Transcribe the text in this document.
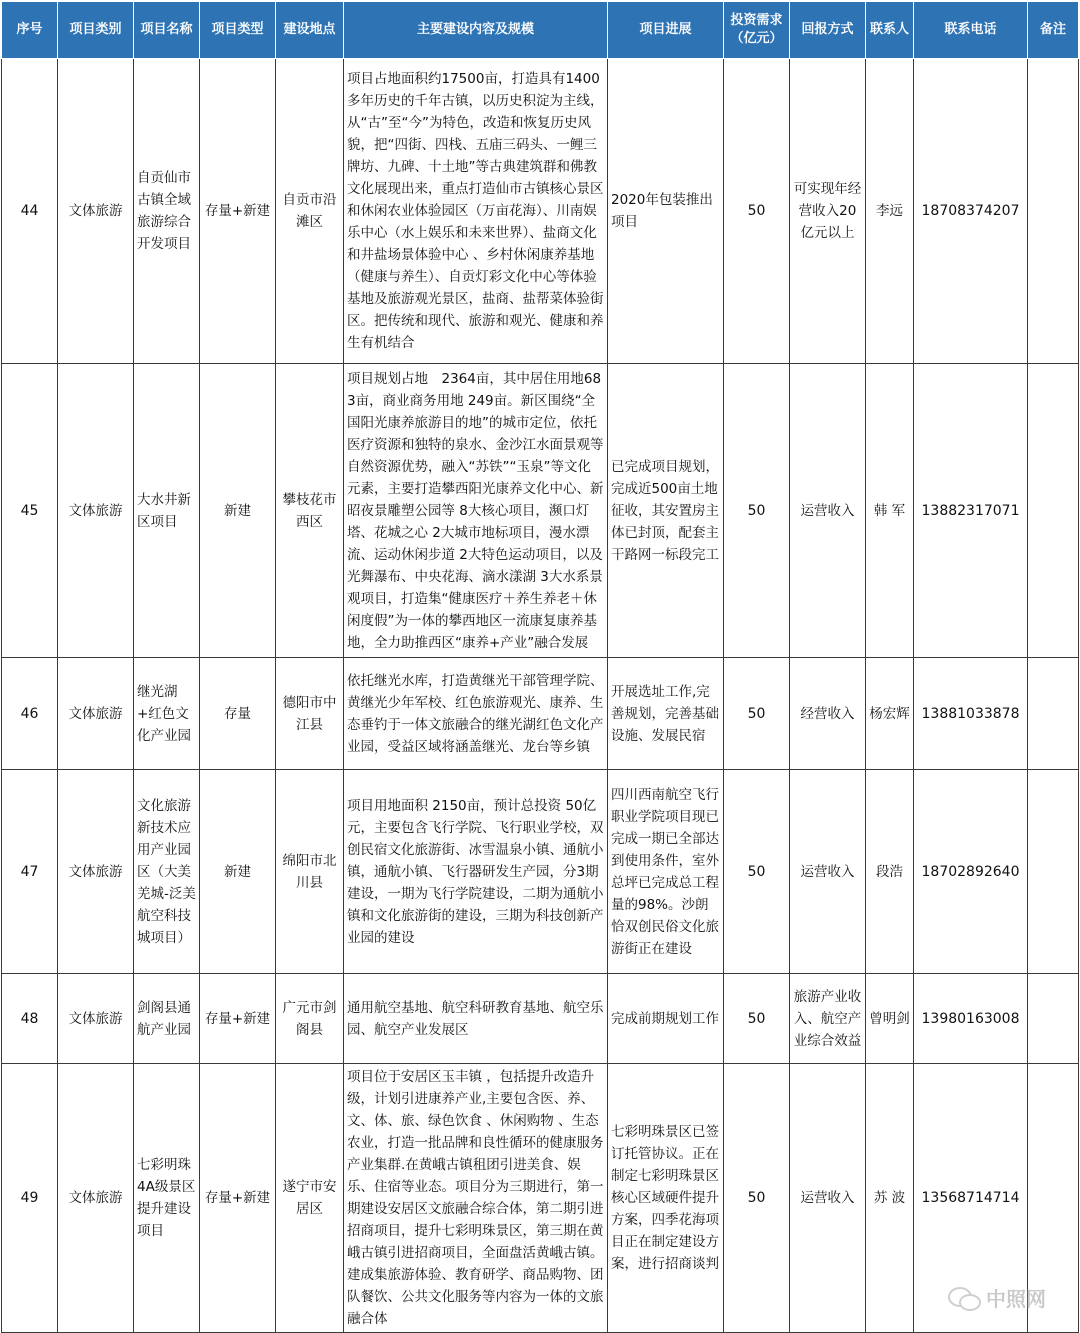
序号	项目类别	项目名称	项目类型	建设地点	主要建设内容及规模	项目进展	投资需求（亿元）	回报方式	联系人	联系电话	备注
44	文体旅游	自贡仙市古镇全域旅游综合开发项目	存量+新建	自贡市沿滩区	项目占地面积约17500亩，打造具有1400多年历史的千年古镇，以历史积淀为主线，从“古”至“今”为特色，改造和恢复历史风貌，把“四街、四栈、五庙三码头、一鲤三牌坊、九碑、十土地”等古典建筑群和佛教文化展现出来，重点打造仙市古镇核心景区和休闲农业体验园区（万亩花海）、川南娱乐中心（水上娱乐和未来世界）、盐商文化和井盐场景体验中心 、乡村休闲康养基地（健康与养生）、自贡灯彩文化中心等体验基地及旅游观光景区，盐商、盐帮菜体验街区。把传统和现代、旅游和观光、健康和养生有机结合	2020年包装推出项目	50	可实现年经营收入20亿元以上	李远	18708374207	
45	文体旅游	大水井新区项目	新建	攀枝花市西区	项目规划占地　2364亩，其中居住用地683亩，商业商务用地 249亩。新区围绕“全国阳光康养旅游目的地”的城市定位，依托医疗资源和独特的泉水、金沙江水面景观等自然资源优势，融入“苏铁”“玉泉”等文化元素，主要打造攀西阳光康养文化中心、新昭夜景雕塑公园等 8大核心项目，濒口灯塔、花城之心 2大城市地标项目，漫水漂流、运动休闲步道 2大特色运动项目，以及光舞瀑布、中央花海、滴水漾湖 3大水系景观项目，打造集“健康医疗＋养生养老＋休闲度假”为一体的攀西地区一流康复康养基地，全力助推西区“康养+产业”融合发展	已完成项目规划，完成近500亩土地征收，其安置房主体已封顶，配套主干路网一标段完工	50	运营收入	韩 军	13882317071	
46	文体旅游	继光湖+红色文化产业园	存量	德阳市中江县	依托继光水库，打造黄继光干部管理学院、黄继光少年军校、红色旅游观光、康养、生态垂钓于一体文旅融合的继光湖红色文化产业园，受益区域将涵盖继光、龙台等乡镇	开展选址工作,完善规划，完善基础设施、发展民宿	50	经营收入	杨宏辉	13881033878	
47	文体旅游	文化旅游新技术应用产业园区（大美羌城-泛美航空科技城项目）	新建	绵阳市北川县	项目用地面积 2150亩，预计总投资 50亿元，主要包含飞行学院、飞行职业学校，双创民宿文化旅游街、冰雪温泉小镇、通航小镇，通航小镇、飞行器研发生产园，分3期建设，一期为飞行学院建设，二期为通航小镇和文化旅游街的建设，三期为科技创新产业园的建设	四川西南航空飞行职业学院项目现已完成一期已全部达到使用条件，室外总坪已完成总工程量的98%。沙朗恰双创民俗文化旅游街正在建设	50	运营收入	段浩	18702892640	
48	文体旅游	剑阁县通航产业园	存量+新建	广元市剑阁县	通用航空基地、航空科研教育基地、航空乐园、航空产业发展区	完成前期规划工作	50	旅游产业收入、航空产业综合效益	曾明剑	13980163008	
49	文体旅游	七彩明珠4A级景区提升建设项目	存量+新建	遂宁市安居区	项目位于安居区玉丰镇 ，包括提升改造升级，计划引进康养产业,主要包含医、养、文、体、旅、绿色饮食 、休闲购物 、生态农业，打造一批品牌和良性循环的健康服务产业集群.在黄峨古镇租团引进美食、娱乐、住宿等业态。项目分为三期进行，第一期建设安居区文旅融合综合体，第二期引进招商项目，提升七彩明珠景区，第三期在黄峨古镇引进招商项目，全面盘活黄峨古镇。建成集旅游体验、教育研学、商品购物、团队餐饮、公共文化服务等内容为一体的文旅融合体	七彩明珠景区已签订托管协议。正在制定七彩明珠景区核心区域硬件提升方案，四季花海项目正在制定建设方案，进行招商谈判	50	运营收入	苏 波	13568714714	
中照网
